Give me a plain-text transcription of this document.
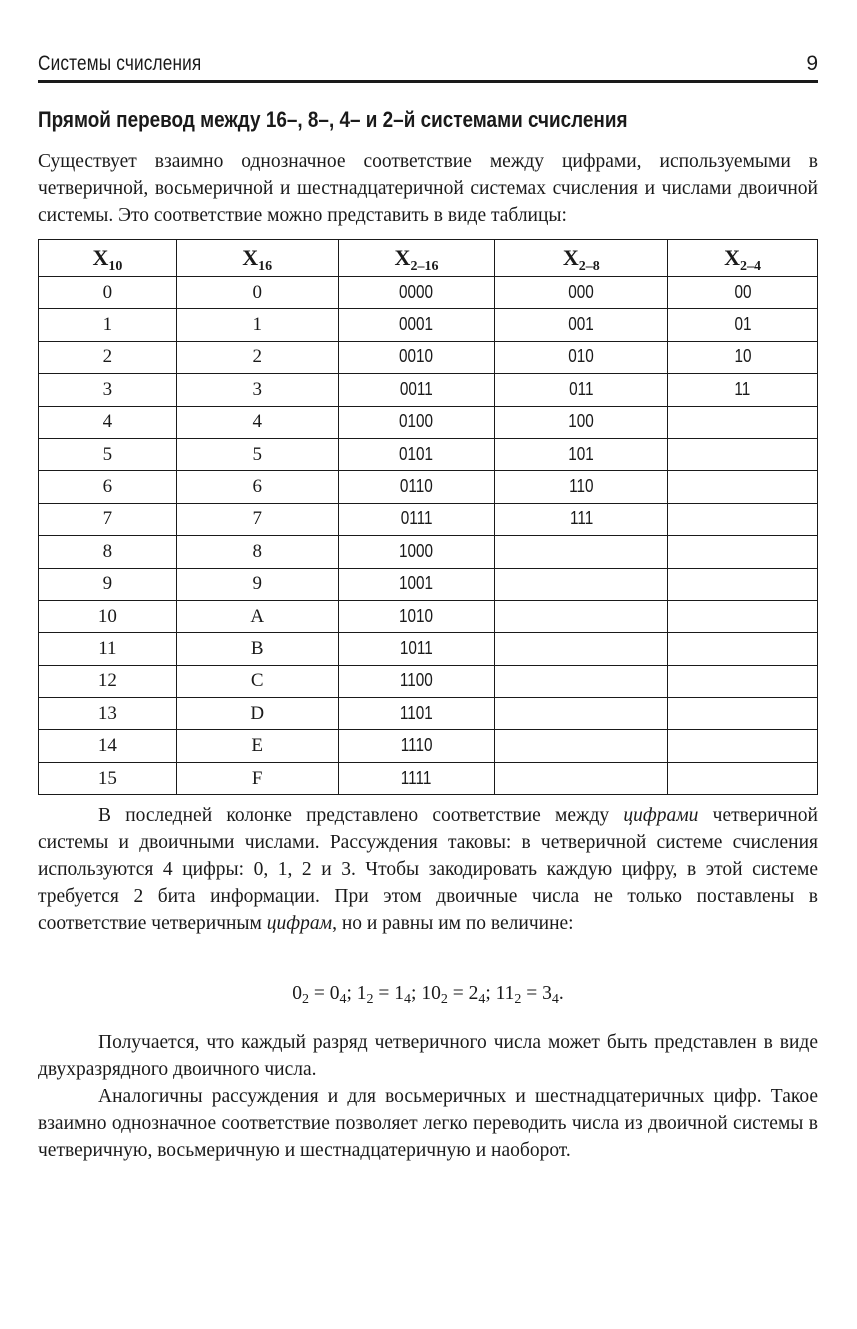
Системы счисления	9
Прямой перевод между 16–, 8–, 4– и 2–й системами счисления

Существует взаимно однозначное соответствие между цифрами, используемыми в четверичной, восьмеричной и шестнадцатеричной системах счисления и числами двоичной системы. Это соответствие можно представить в виде таблицы:

$X_{10}$	$X_{16}$	$X_{2-16}$	$X_{2-8}$	$X_{2-4}$
0	0	0000	000	00
1	1	0001	001	01
2	2	0010	010	10
3	3	0011	011	11
4	4	0100	100	
5	5	0101	101	
6	6	0110	110	
7	7	0111	111	
8	8	1000		
9	9	1001		
10	A	1010		
11	B	1011		
12	C	1100		
13	D	1101		
14	E	1110		
15	F	1111		

В последней колонке представлено соответствие между цифрами четверичной системы и двоичными числами. Рассуждения таковы: в четверичной системе счисления используются 4 цифры: 0, 1, 2 и 3. Чтобы закодировать каждую цифру, в этой системе требуется 2 бита информации. При этом двоичные числа не только поставлены в соответствие четверичным цифрам, но и равны им по величине:

$0_2 = 0_4$; $1_2 = 1_4$; $10_2 = 2_4$; $11_2 = 3_4$.

Получается, что каждый разряд четверичного числа может быть представлен в виде двухразрядного двоичного числа.

Аналогичны рассуждения и для восьмеричных и шестнадцатеричных цифр. Такое взаимно однозначное соответствие позволяет легко переводить числа из двоичной системы в четверичную, восьмеричную и шестнадцатеричную и наоборот.
